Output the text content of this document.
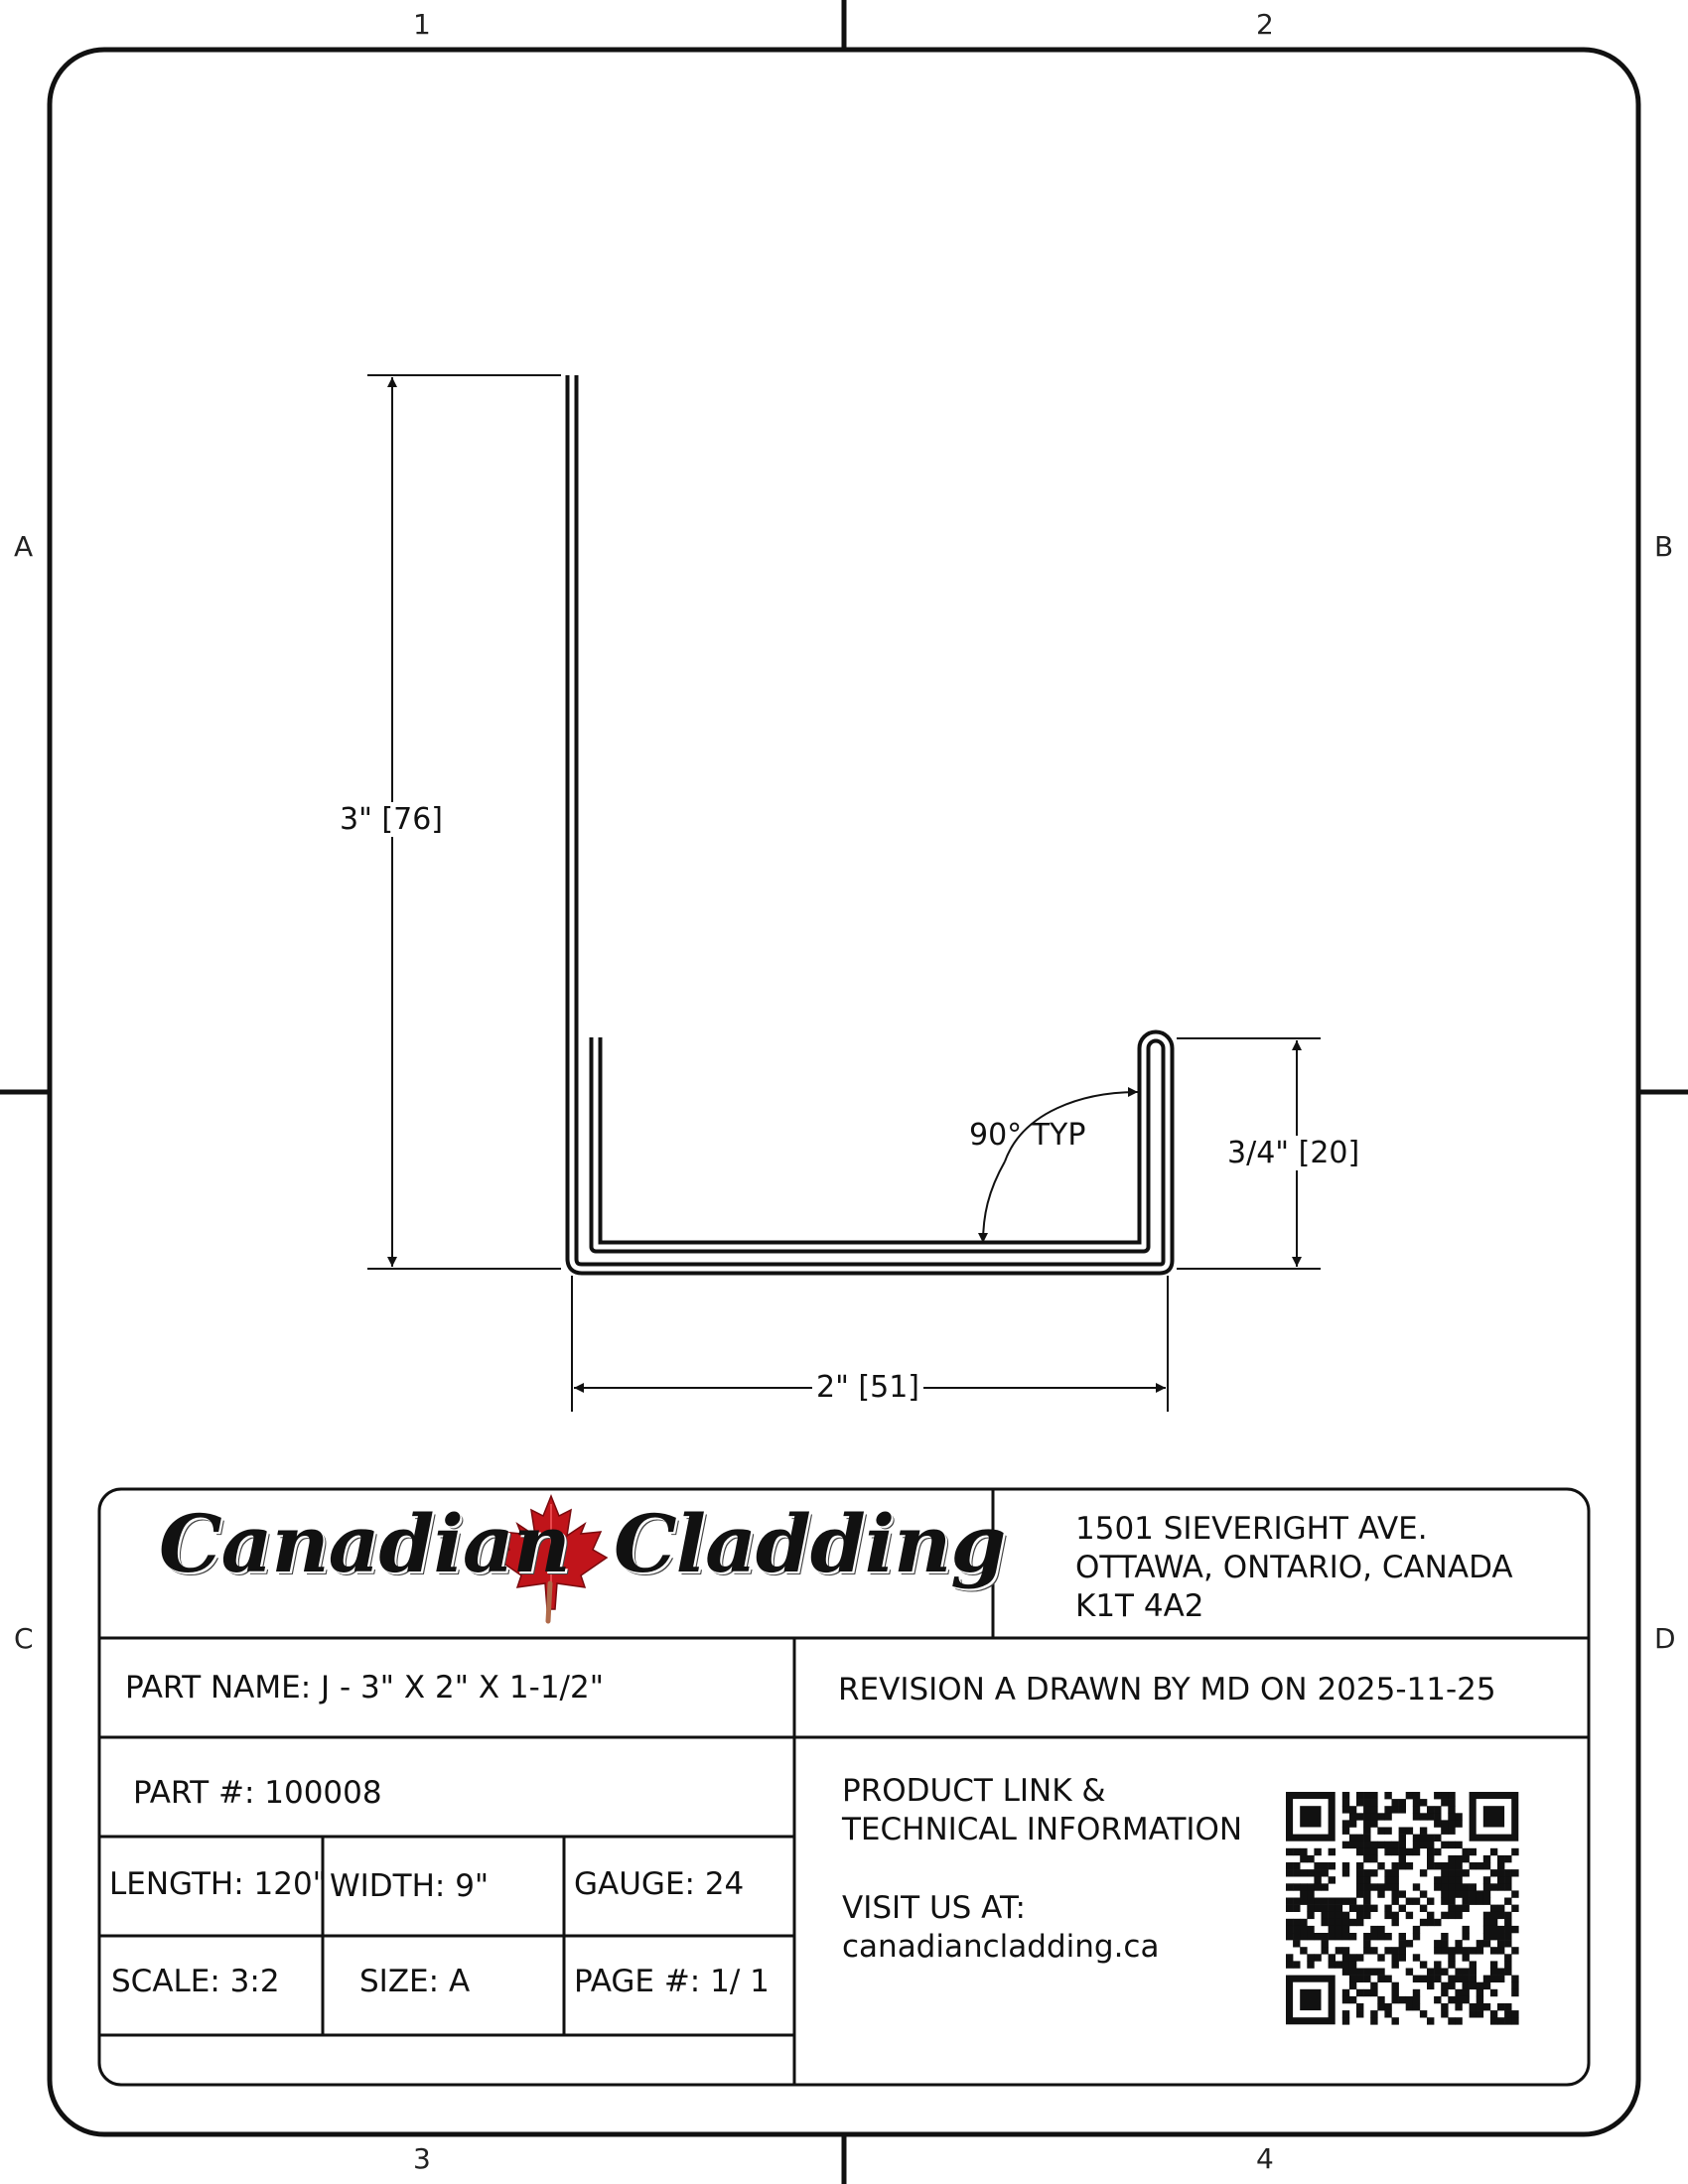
1	2
3	4
A
C
B
D
3" [76]
3/4" [20]
2" [51]
90° TYP
Canadian Cladding 1501 SIEVERIGHT AVE.
OTTAWA, ONTARIO, CANADA
K1T 4A2
PART NAME: J - 3" X 2" X 1-1/2"	REVISION A DRAWN BY MD ON 2025-11-25
PART #: 100008
LENGTH: 120" WIDTH: 9"	GAUGE: 24
SCALE: 3:2	SIZE: A	PAGE #: 1/ 1
PRODUCT LINK &
TECHNICAL INFORMATION
VISIT US AT:
canadiancladding.ca
